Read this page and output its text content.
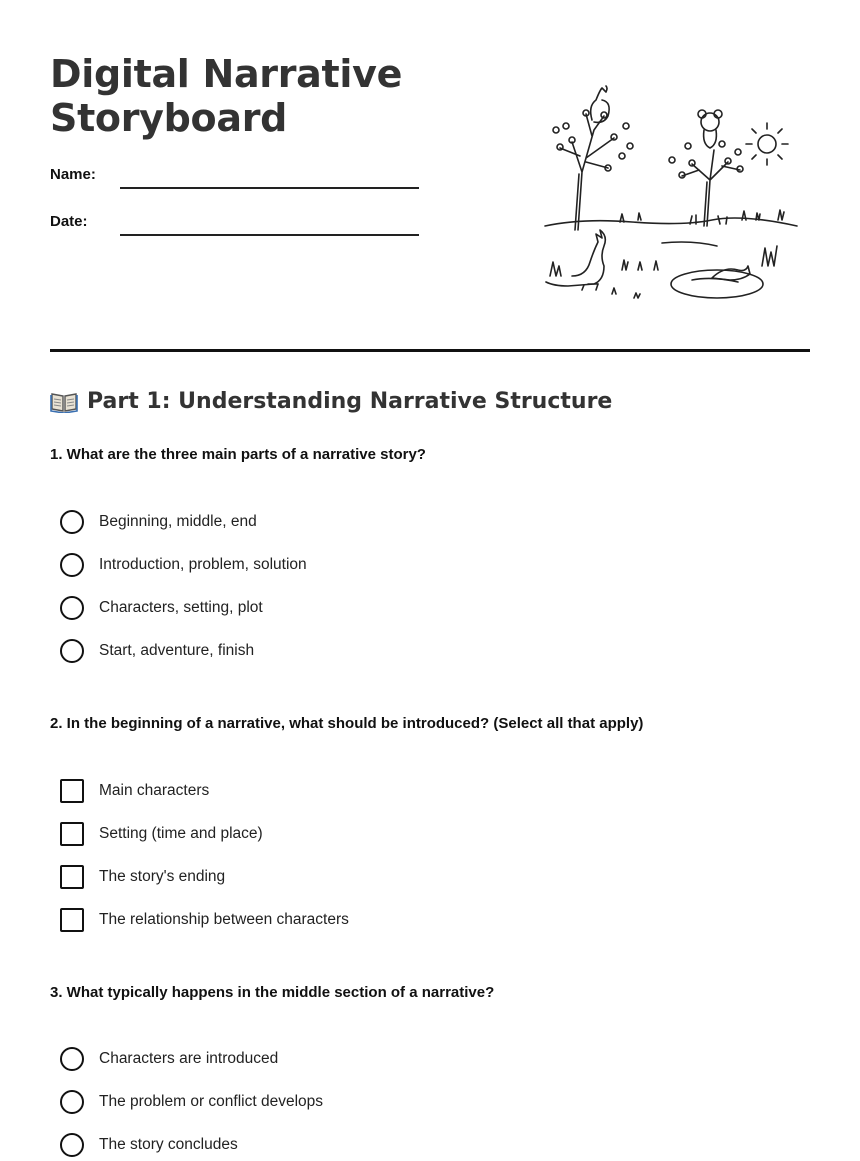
Digital Narrative
Storyboard
Name:
Date:
Part 1: Understanding Narrative Structure

1. What are the three main parts of a narrative story?

Beginning, middle, end
Introduction, problem, solution
Characters, setting, plot
Start, adventure, finish

2. In the beginning of a narrative, what should be introduced? (Select all that apply)

Main characters
Setting (time and place)
The story's ending
The relationship between characters

3. What typically happens in the middle section of a narrative?

Characters are introduced
The problem or conflict develops
The story concludes
